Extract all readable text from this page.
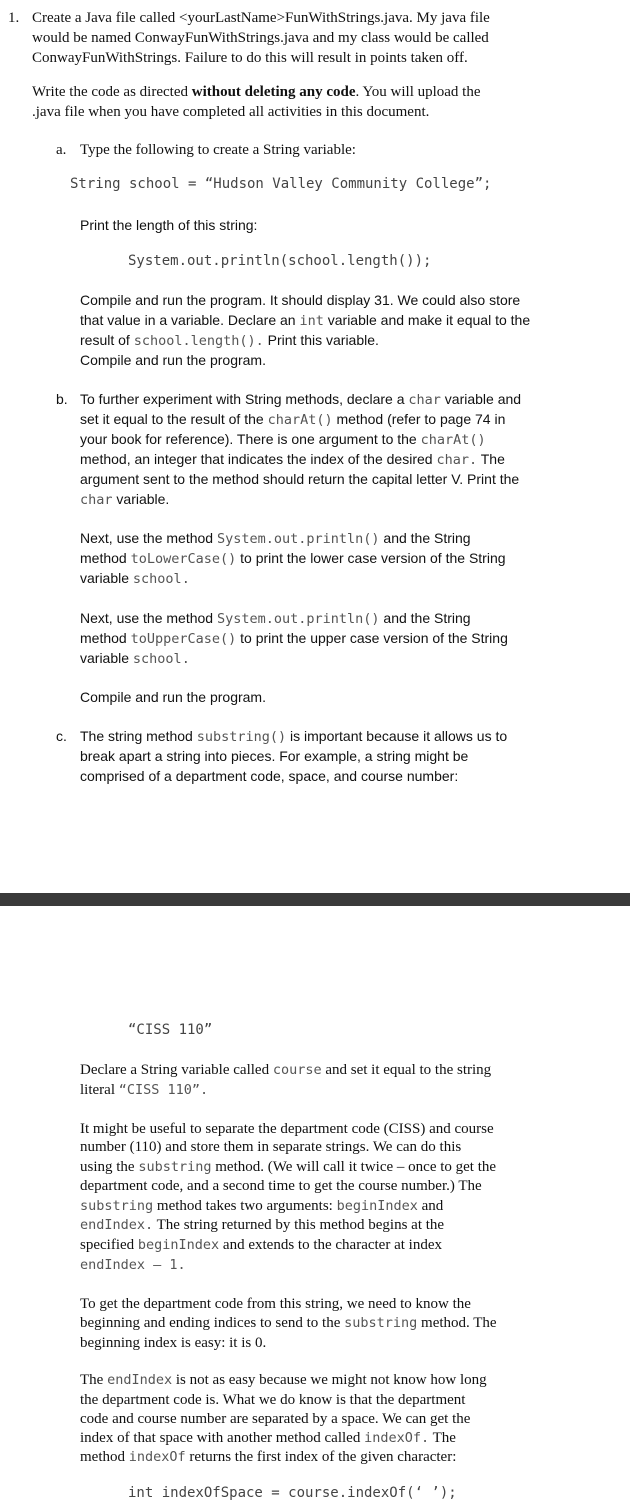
1. Create a Java file called <yourLastName>FunWithStrings.java. My java file
would be named ConwayFunWithStrings.java and my class would be called
ConwayFunWithStrings. Failure to do this will result in points taken off.
Write the code as directed without deleting any code. You will upload the
.java file when you have completed all activities in this document.
a. Type the following to create a String variable:
String school = “Hudson Valley Community College”;
Print the length of this string:
System.out.println(school.length());
Compile and run the program. It should display 31. We could also store
that value in a variable. Declare an int variable and make it equal to the
result of school.length(). Print this variable.
Compile and run the program.
b. To further experiment with String methods, declare a char variable and
set it equal to the result of the charAt() method (refer to page 74 in
your book for reference). There is one argument to the charAt()
method, an integer that indicates the index of the desired char. The
argument sent to the method should return the capital letter V. Print the
char variable.
Next, use the method System.out.println() and the String
method toLowerCase() to print the lower case version of the String
variable school.
Next, use the method System.out.println() and the String
method toUpperCase() to print the upper case version of the String
variable school.
Compile and run the program.
c. The string method substring() is important because it allows us to
break apart a string into pieces. For example, a string might be
comprised of a department code, space, and course number:
“CISS 110”
Declare a String variable called course and set it equal to the string
literal “CISS 110”.
It might be useful to separate the department code (CISS) and course
number (110) and store them in separate strings. We can do this
using the substring method. (We will call it twice – once to get the
department code, and a second time to get the course number.) The
substring method takes two arguments: beginIndex and
endIndex. The string returned by this method begins at the
specified beginIndex and extends to the character at index
endIndex – 1.
To get the department code from this string, we need to know the
beginning and ending indices to send to the substring method. The
beginning index is easy: it is 0.
The endIndex is not as easy because we might not know how long
the department code is. What we do know is that the department
code and course number are separated by a space. We can get the
index of that space with another method called indexOf. The
method indexOf returns the first index of the given character:
int indexOfSpace = course.indexOf(‘ ’);
